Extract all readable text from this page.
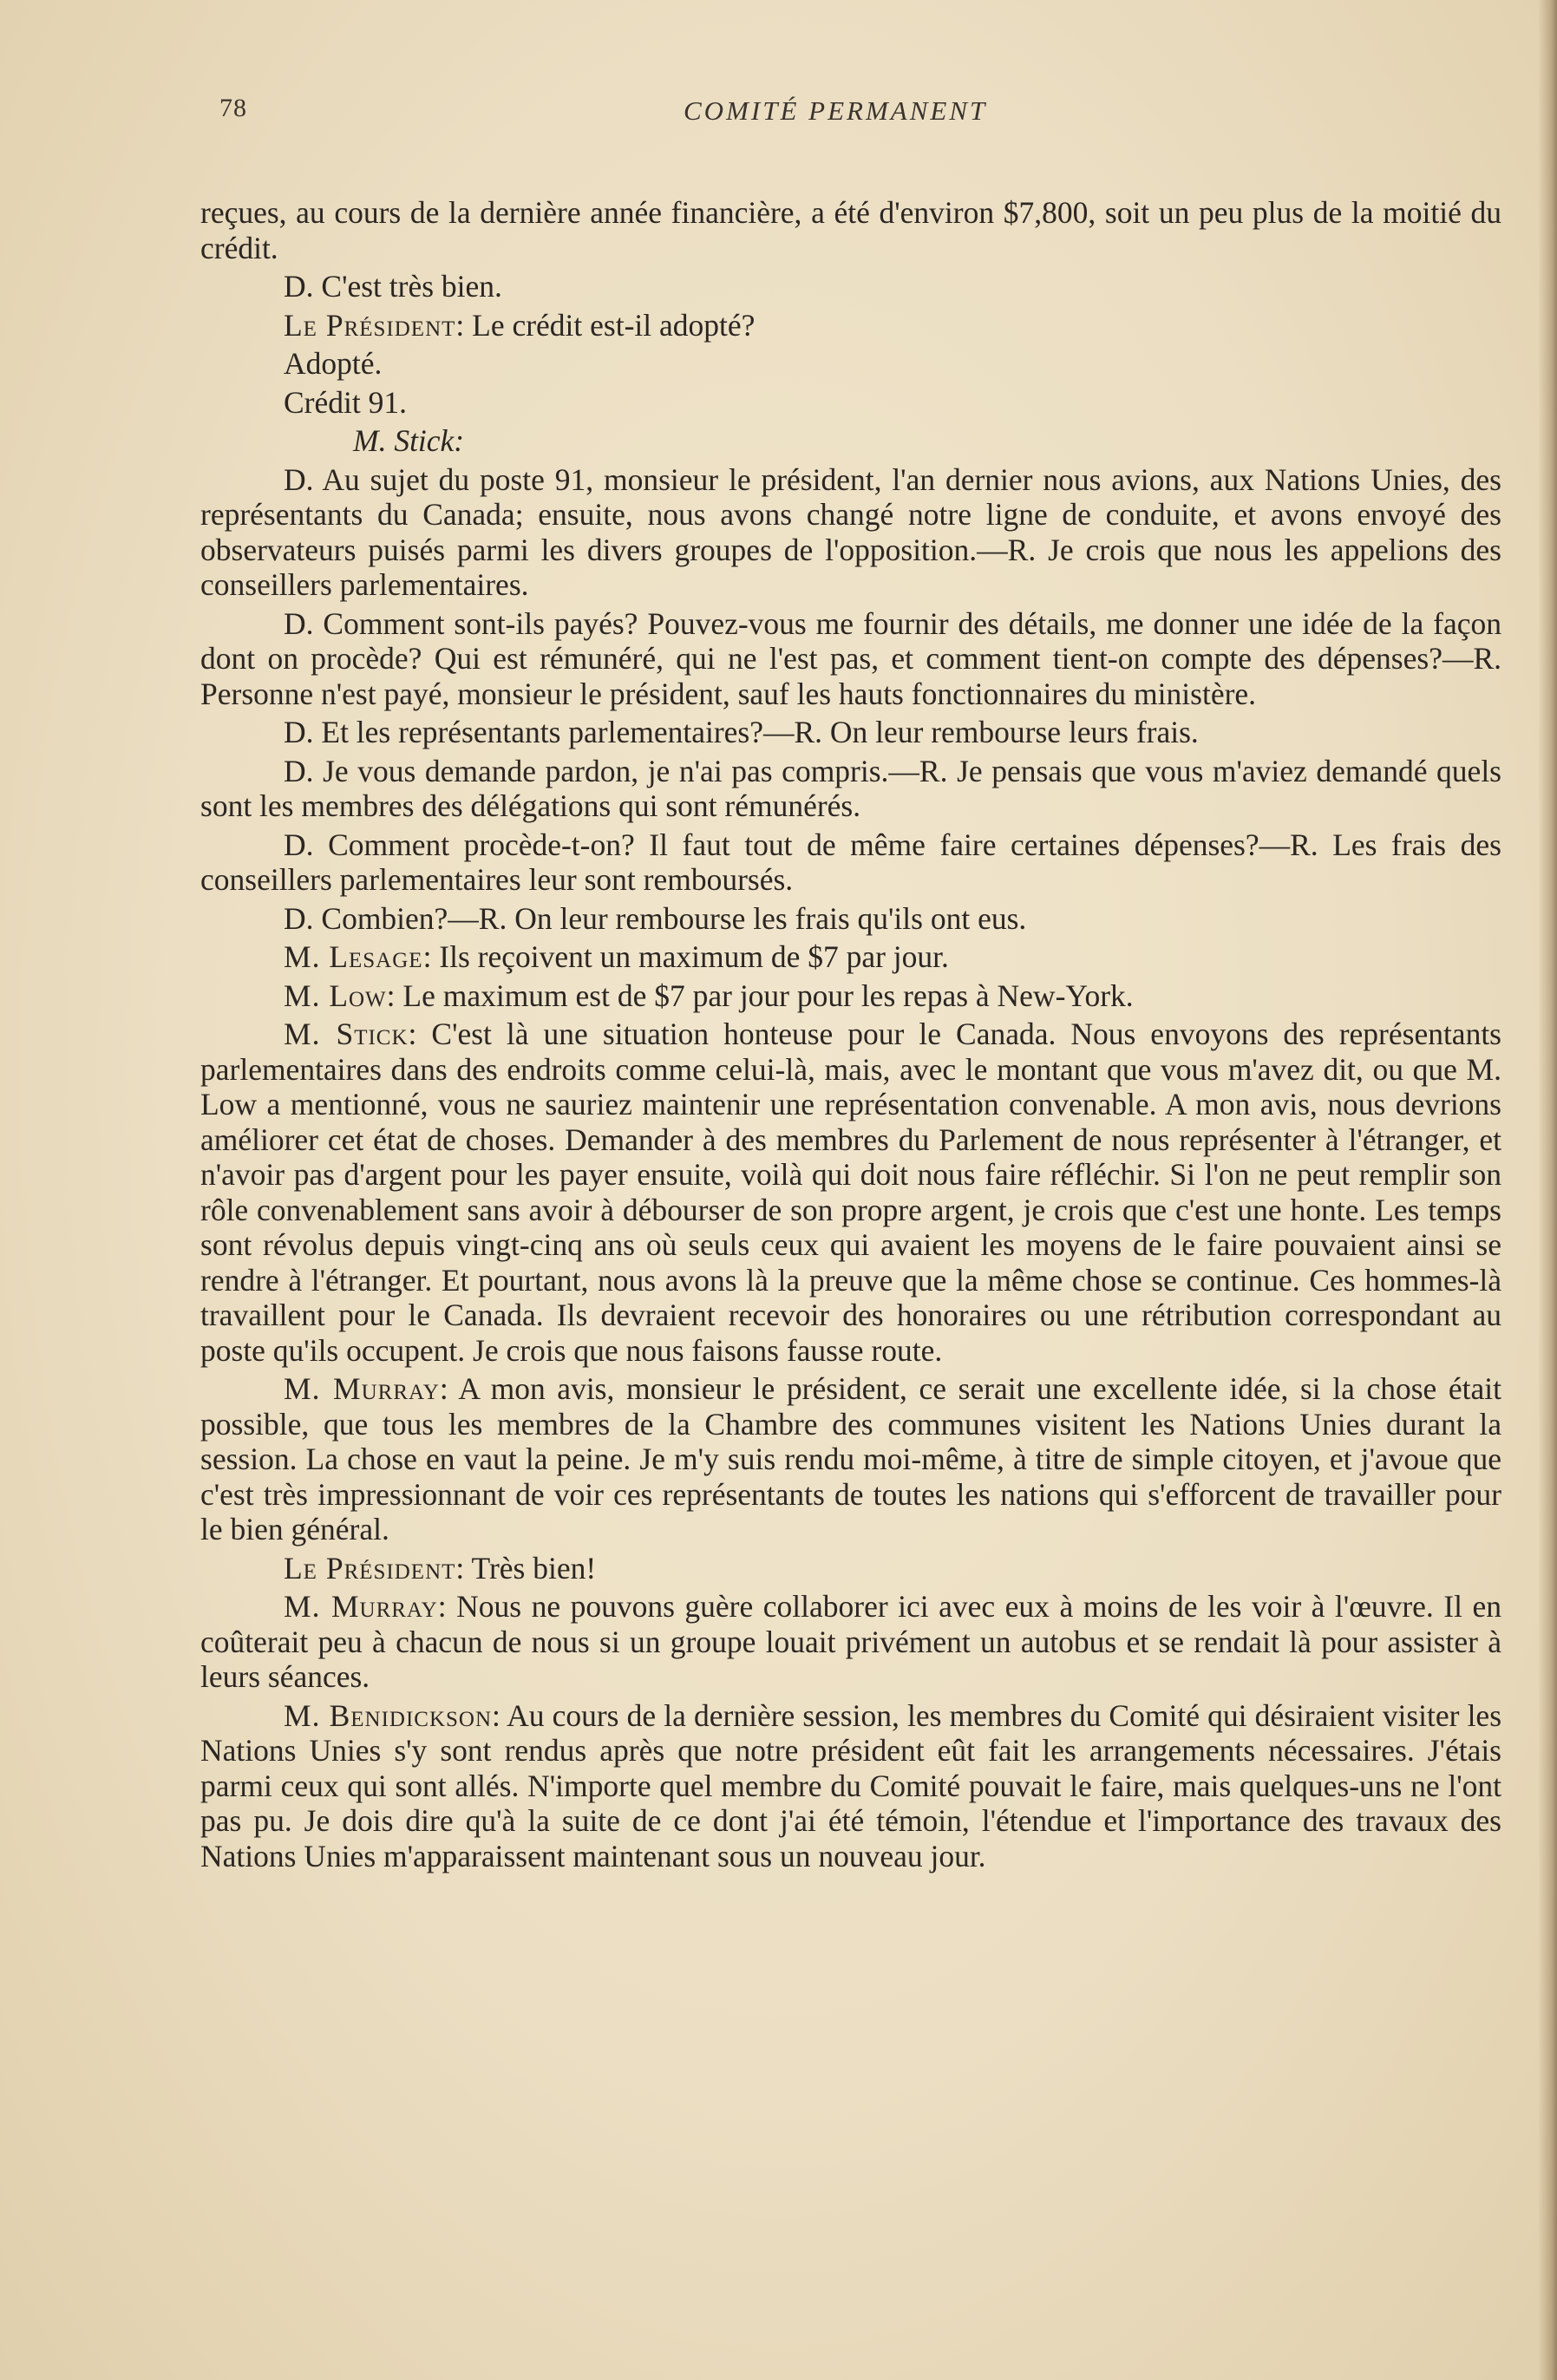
78	COMITÉ PERMANENT

reçues, au cours de la dernière année financière, a été d'environ $7,800, soit un peu plus de la moitié du crédit.

D. C'est très bien.

Le Président: Le crédit est-il adopté?

Adopté.

Crédit 91.

M. Stick:

D. Au sujet du poste 91, monsieur le président, l'an dernier nous avions, aux Nations Unies, des représentants du Canada; ensuite, nous avons changé notre ligne de conduite, et avons envoyé des observateurs puisés parmi les divers groupes de l'opposition.—R. Je crois que nous les appelions des conseillers parlementaires.

D. Comment sont-ils payés? Pouvez-vous me fournir des détails, me donner une idée de la façon dont on procède? Qui est rémunéré, qui ne l'est pas, et comment tient-on compte des dépenses?—R. Personne n'est payé, monsieur le président, sauf les hauts fonctionnaires du ministère.

D. Et les représentants parlementaires?—R. On leur rembourse leurs frais.

D. Je vous demande pardon, je n'ai pas compris.—R. Je pensais que vous m'aviez demandé quels sont les membres des délégations qui sont rémunérés.

D. Comment procède-t-on? Il faut tout de même faire certaines dépenses?—R. Les frais des conseillers parlementaires leur sont remboursés.

D. Combien?—R. On leur rembourse les frais qu'ils ont eus.

M. Lesage: Ils reçoivent un maximum de $7 par jour.

M. Low: Le maximum est de $7 par jour pour les repas à New-York.

M. Stick: C'est là une situation honteuse pour le Canada. Nous envoyons des représentants parlementaires dans des endroits comme celui-là, mais, avec le montant que vous m'avez dit, ou que M. Low a mentionné, vous ne sauriez maintenir une représentation convenable. A mon avis, nous devrions améliorer cet état de choses. Demander à des membres du Parlement de nous représenter à l'étranger, et n'avoir pas d'argent pour les payer ensuite, voilà qui doit nous faire réfléchir. Si l'on ne peut remplir son rôle convenablement sans avoir à débourser de son propre argent, je crois que c'est une honte. Les temps sont révolus depuis vingt-cinq ans où seuls ceux qui avaient les moyens de le faire pouvaient ainsi se rendre à l'étranger. Et pourtant, nous avons là la preuve que la même chose se continue. Ces hommes-là travaillent pour le Canada. Ils devraient recevoir des honoraires ou une rétribution correspondant au poste qu'ils occupent. Je crois que nous faisons fausse route.

M. Murray: A mon avis, monsieur le président, ce serait une excellente idée, si la chose était possible, que tous les membres de la Chambre des communes visitent les Nations Unies durant la session. La chose en vaut la peine. Je m'y suis rendu moi-même, à titre de simple citoyen, et j'avoue que c'est très impressionnant de voir ces représentants de toutes les nations qui s'efforcent de travailler pour le bien général.

Le Président: Très bien!

M. Murray: Nous ne pouvons guère collaborer ici avec eux à moins de les voir à l'œuvre. Il en coûterait peu à chacun de nous si un groupe louait privément un autobus et se rendait là pour assister à leurs séances.

M. Benidickson: Au cours de la dernière session, les membres du Comité qui désiraient visiter les Nations Unies s'y sont rendus après que notre président eût fait les arrangements nécessaires. J'étais parmi ceux qui sont allés. N'importe quel membre du Comité pouvait le faire, mais quelques-uns ne l'ont pas pu. Je dois dire qu'à la suite de ce dont j'ai été témoin, l'étendue et l'importance des travaux des Nations Unies m'apparaissent maintenant sous un nouveau jour.
